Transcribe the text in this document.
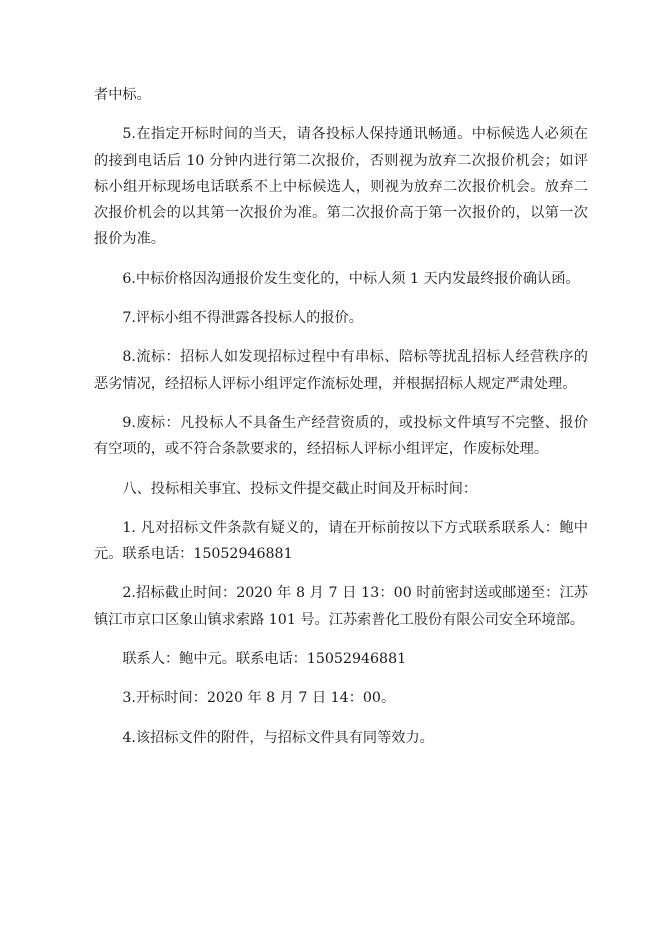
者中标。

5.在指定开标时间的当天，请各投标人保持通讯畅通。中标候选人必须在的接到电话后 10 分钟内进行第二次报价，否则视为放弃二次报价机会；如评标小组开标现场电话联系不上中标候选人，则视为放弃二次报价机会。放弃二次报价机会的以其第一次报价为准。第二次报价高于第一次报价的，以第一次报价为准。

6.中标价格因沟通报价发生变化的，中标人须 1 天内发最终报价确认函。

7.评标小组不得泄露各投标人的报价。

8.流标：招标人如发现招标过程中有串标、陪标等扰乱招标人经营秩序的恶劣情况，经招标人评标小组评定作流标处理，并根据招标人规定严肃处理。

9.废标：凡投标人不具备生产经营资质的，或投标文件填写不完整、报价有空项的，或不符合条款要求的，经招标人评标小组评定，作废标处理。

八、投标相关事宜、投标文件提交截止时间及开标时间：

1. 凡对招标文件条款有疑义的，请在开标前按以下方式联系联系人：鲍中元。联系电话：15052946881

2.招标截止时间：2020 年 8 月 7 日 13：00 时前密封送或邮递至：江苏镇江市京口区象山镇求索路 101 号。江苏索普化工股份有限公司安全环境部。

联系人：鲍中元。联系电话：15052946881

3.开标时间：2020 年 8 月 7 日 14：00。

4.该招标文件的附件，与招标文件具有同等效力。
